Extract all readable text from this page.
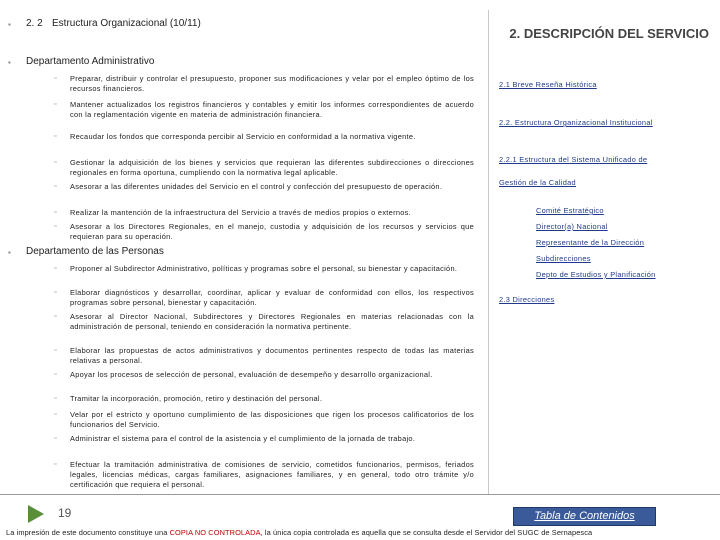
▪	2. 2 Estructura Organizacional (10/11)
▪	Departamento Administrativo
▫ Preparar, distribuir y controlar el presupuesto, proponer sus modificaciones y velar por el empleo óptimo de los recursos financieros.
▫ Mantener actualizados los registros financieros y contables y emitir los informes correspondientes de acuerdo con la reglamentación vigente en materia de administración financiera.
▫ Recaudar los fondos que corresponda percibir al Servicio en conformidad a la normativa vigente.
▫ Gestionar la adquisición de los bienes y servicios que requieran las diferentes subdirecciones o direcciones regionales en forma oportuna, cumpliendo con la normativa legal aplicable.
▫ Asesorar a las diferentes unidades del Servicio en el control y confección del presupuesto de operación.
▫ Realizar la mantención de la infraestructura del Servicio a través de medios propios o externos.
▫ Asesorar a los Directores Regionales, en el manejo, custodia y adquisición de los recursos y servicios que requieran para su operación.
▪	Departamento de las Personas
▫ Proponer al Subdirector Administrativo, políticas y programas sobre el personal, su bienestar y capacitación.
▫ Elaborar diagnósticos y desarrollar, coordinar, aplicar y evaluar de conformidad con ellos, los respectivos programas sobre personal, bienestar y capacitación.
▫ Asesorar al Director Nacional, Subdirectores y Directores Regionales en materias relacionadas con la administración de personal, teniendo en consideración la normativa pertinente.
▫ Elaborar las propuestas de actos administrativos y documentos pertinentes respecto de todas las materias relativas a personal.
▫ Apoyar los procesos de selección de personal, evaluación de desempeño y desarrollo organizacional.
▫ Tramitar la incorporación, promoción, retiro y destinación del personal.
▫ Velar por el estricto y oportuno cumplimiento de las disposiciones que rigen los procesos calificatorios de los funcionarios del Servicio.
▫ Administrar el sistema para el control de la asistencia y el cumplimiento de la jornada de trabajo.
▫ Efectuar la tramitación administrativa de comisiones de servicio, cometidos funcionarios, permisos, feriados legales, licencias médicas, cargas familiares, asignaciones familiares, y en general, todo otro trámite y/o certificación que requiera el personal.
2. DESCRIPCIÓN DEL SERVICIO
2.1 Breve Reseña Histórica
2.2. Estructura Organizacional Institucional
2.2.1 Estructura del Sistema Unificado de
Gestión de la Calidad
Comité Estratégico
Director(a) Nacional
Representante de la Dirección
Subdirecciones
Depto de Estudios y Planificación
2.3 Direcciones
19	Tabla de Contenidos
La impresión de este documento constituye una COPIA NO CONTROLADA, la única copia controlada es aquella que se consulta desde el Servidor del SUGC de Sernapesca
